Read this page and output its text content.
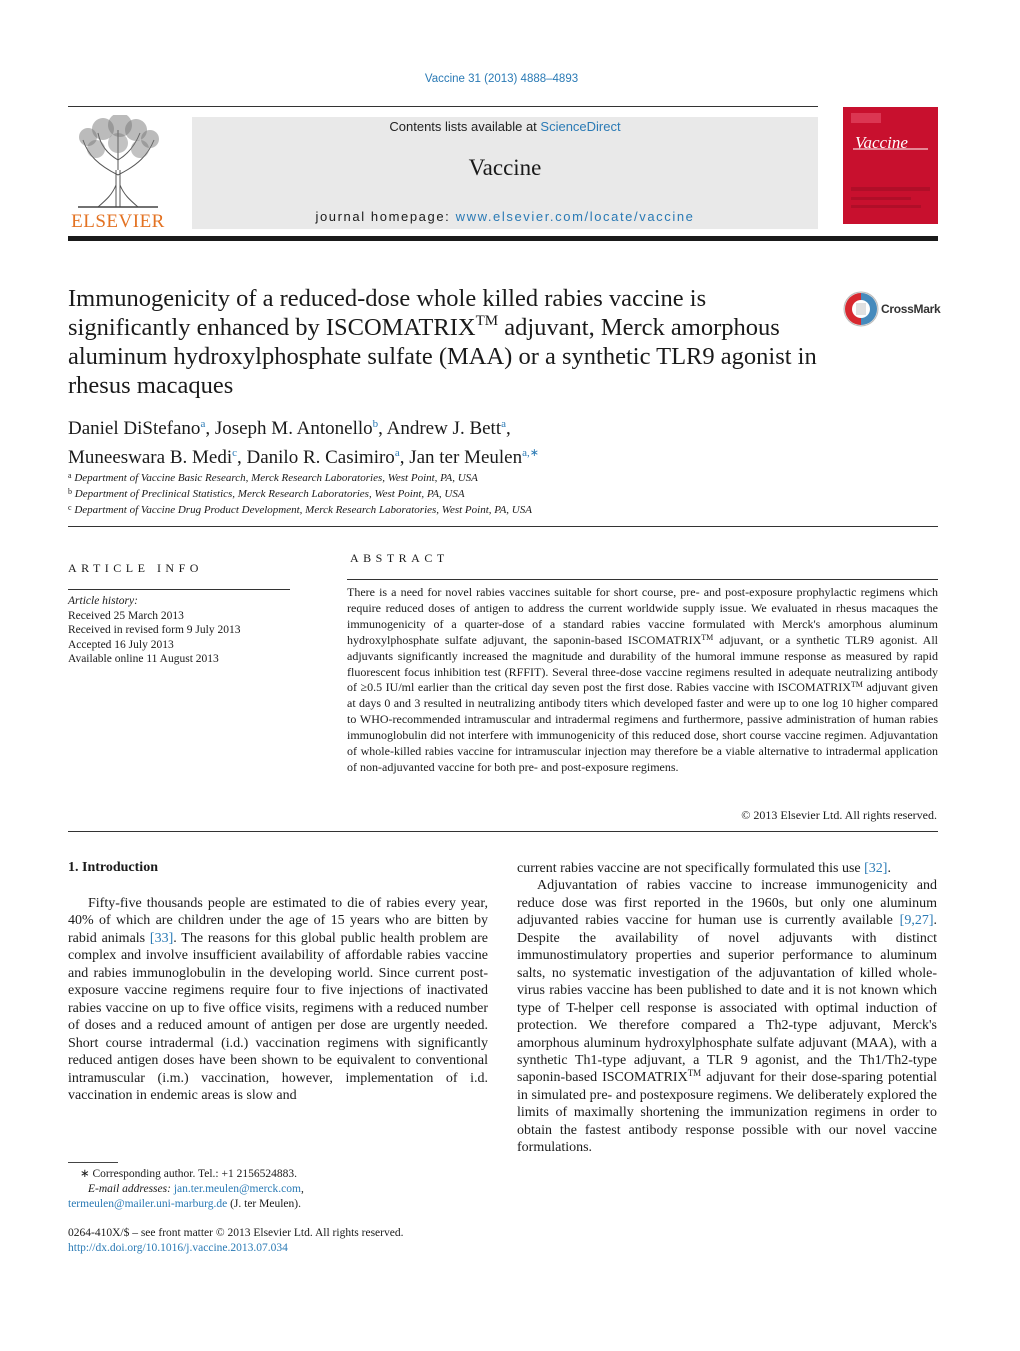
Vaccine 31 (2013) 4888–4893
ELSEVIER
Contents lists available at ScienceDirect
Vaccine
journal homepage: www.elsevier.com/locate/vaccine
Vaccine
Immunogenicity of a reduced-dose whole killed rabies vaccine is significantly enhanced by ISCOMATRIX™ adjuvant, Merck amorphous aluminum hydroxylphosphate sulfate (MAA) or a synthetic TLR9 agonist in rhesus macaques
CrossMark
Daniel DiStefano$^a$, Joseph M. Antonello$^b$, Andrew J. Bett$^a$,
Muneeswara B. Medi$^c$, Danilo R. Casimiro$^a$, Jan ter Meulen$^{a,∗}$
$^a$ Department of Vaccine Basic Research, Merck Research Laboratories, West Point, PA, USA
$^b$ Department of Preclinical Statistics, Merck Research Laboratories, West Point, PA, USA
$^c$ Department of Vaccine Drug Product Development, Merck Research Laboratories, West Point, PA, USA
ARTICLE INFO
Article history:
Received 25 March 2013
Received in revised form 9 July 2013
Accepted 16 July 2013
Available online 11 August 2013
ABSTRACT
There is a need for novel rabies vaccines suitable for short course, pre- and post-exposure prophylactic regimens which require reduced doses of antigen to address the current worldwide supply issue. We evaluated in rhesus macaques the immunogenicity of a quarter-dose of a standard rabies vaccine formulated with Merck's amorphous aluminum hydroxylphosphate sulfate adjuvant, the saponin-based ISCOMATRIX™ adjuvant, or a synthetic TLR9 agonist. All adjuvants significantly increased the magnitude and durability of the humoral immune response as measured by rapid fluorescent focus inhibition test (RFFIT). Several three-dose vaccine regimens resulted in adequate neutralizing antibody of ≥0.5 IU/ml earlier than the critical day seven post the first dose. Rabies vaccine with ISCOMATRIX™ adjuvant given at days 0 and 3 resulted in neutralizing antibody titers which developed faster and were up to one log 10 higher compared to WHO-recommended intramuscular and intradermal regimens and furthermore, passive administration of human rabies immunoglobulin did not interfere with immunogenicity of this reduced dose, short course vaccine regimen. Adjuvantation of whole-killed rabies vaccine for intramuscular injection may therefore be a viable alternative to intradermal application of non-adjuvanted vaccine for both pre- and post-exposure regimens.
© 2013 Elsevier Ltd. All rights reserved.
1. Introduction

Fifty-five thousands people are estimated to die of rabies every year, 40% of which are children under the age of 15 years who are bitten by rabid animals [33]. The reasons for this global public health problem are complex and involve insufficient availability of affordable rabies vaccine and rabies immunoglobulin in the developing world. Since current post-exposure vaccine regimens require four to five injections of inactivated rabies vaccine on up to five office visits, regimens with a reduced number of doses and a reduced amount of antigen per dose are urgently needed. Short course intradermal (i.d.) vaccination regimens with significantly reduced antigen doses have been shown to be equivalent to conventional intramuscular (i.m.) vaccination, however, implementation of i.d. vaccination in endemic areas is slow and

current rabies vaccine are not specifically formulated this use [32].

Adjuvantation of rabies vaccine to increase immunogenicity and reduce dose was first reported in the 1960s, but only one aluminum adjuvanted rabies vaccine for human use is currently available [9,27]. Despite the availability of novel adjuvants with distinct immunostimulatory properties and superior performance to aluminum salts, no systematic investigation of the adjuvantation of killed whole-virus rabies vaccine has been published to date and it is not known which type of T-helper cell response is associated with optimal induction of protection. We therefore compared a Th2-type adjuvant, Merck's amorphous aluminum hydroxylphosphate sulfate adjuvant (MAA), with a synthetic Th1-type adjuvant, a TLR 9 agonist, and the Th1/Th2-type saponin-based ISCOMATRIX™ adjuvant for their dose-sparing potential in simulated pre- and postexposure regimens. We deliberately explored the limits of maximally shortening the immunization regimens in order to obtain the fastest antibody response possible with our novel vaccine formulations.

∗ Corresponding author. Tel.: +1 2156524883.
E-mail addresses: jan.ter.meulen@merck.com,
termeulen@mailer.uni-marburg.de (J. ter Meulen).
0264-410X/$ – see front matter © 2013 Elsevier Ltd. All rights reserved.
http://dx.doi.org/10.1016/j.vaccine.2013.07.034
